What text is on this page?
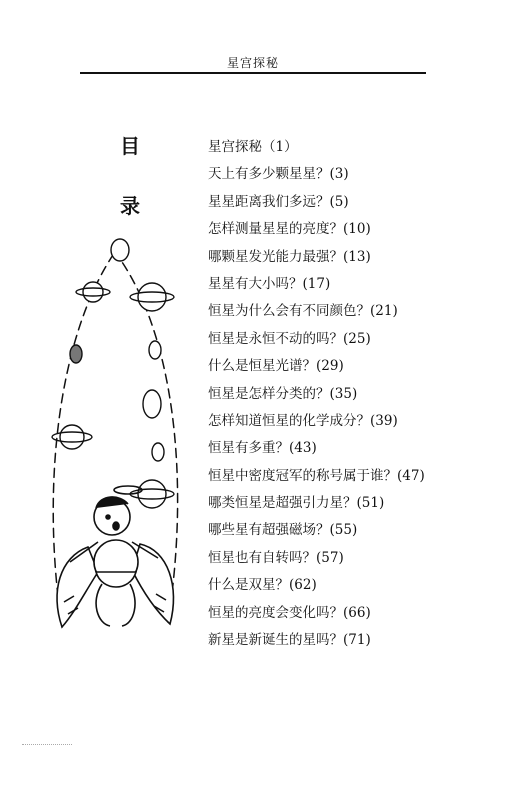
星宫探秘
目
录
星宫探秘（1）
天上有多少颗星星？(3)
星星距离我们多远？(5)
怎样测量星星的亮度？(10)
哪颗星发光能力最强？(13)
星星有大小吗？(17)
恒星为什么会有不同颜色？(21)
恒星是永恒不动的吗？(25)
什么是恒星光谱？(29)
恒星是怎样分类的？(35)
怎样知道恒星的化学成分？(39)
恒星有多重？(43)
恒星中密度冠军的称号属于谁？(47)
哪类恒星是超强引力星？(51)
哪些星有超强磁场？(55)
恒星也有自转吗？(57)
什么是双星？(62)
恒星的亮度会变化吗？(66)
新星是新诞生的星吗？(71)
